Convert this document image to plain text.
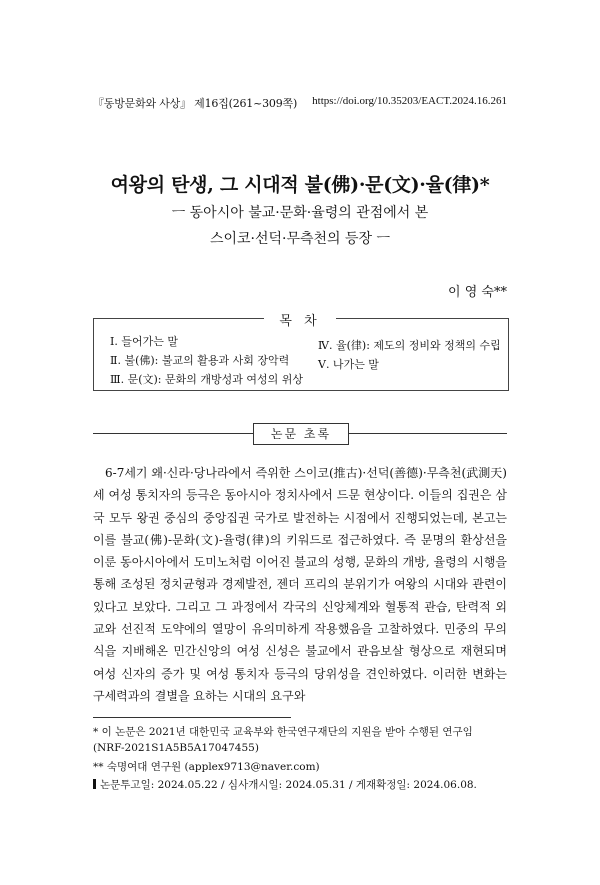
『동방문화와 사상』 제16집(261~309쪽) https://doi.org/10.35203/EACT.2024.16.261
여왕의 탄생, 그 시대적 불(佛)·문(文)·율(律)*
ㅡ 동아시아 불교·문화·율령의 관점에서 본
스이코·선덕·무측천의 등장 ㅡ
이 영 숙**
목 차
Ⅰ. 들어가는 말
Ⅱ. 불(佛): 불교의 활용과 사회 장악력
Ⅲ. 문(文): 문화의 개방성과 여성의 위상
Ⅳ. 율(律): 제도의 정비와 정책의 수립
Ⅴ. 나가는 말
논문 초록

6-7세기 왜·신라·당나라에서 즉위한 스이코(推古)·선덕(善德)·무측천(武測天) 세 여성 통치자의 등극은 동아시아 정치사에서 드문 현상이다. 이들의 집권은 삼국 모두 왕권 중심의 중앙집권 국가로 발전하는 시점에서 진행되었는데, 본고는 이를 불교(佛)-문화(文)-율령(律)의 키워드로 접근하였다. 즉 문명의 환상선을 이룬 동아시아에서 도미노처럼 이어진 불교의 성행, 문화의 개방, 율령의 시행을 통해 조성된 정치균형과 경제발전, 젠더 프리의 분위기가 여왕의 시대와 관련이 있다고 보았다. 그리고 그 과정에서 각국의 신앙체계와 혈통적 관습, 탄력적 외교와 선진적 도약에의 열망이 유의미하게 작용했음을 고찰하였다. 민중의 무의식을 지배해온 민간신앙의 여성 신성은 불교에서 관음보살 형상으로 재현되며 여성 신자의 증가 및 여성 통치자 등극의 당위성을 견인하였다. 이러한 변화는 구세력과의 결별을 요하는 시대의 요구와

* 이 논문은 2021년 대한민국 교육부와 한국연구재단의 지원을 받아 수행된 연구임 (NRF-2021S1A5B5A17047455)
** 숙명여대 연구원 (applex9713@naver.com)
논문투고일: 2024.05.22 / 심사개시일: 2024.05.31 / 게재확정일: 2024.06.08.
